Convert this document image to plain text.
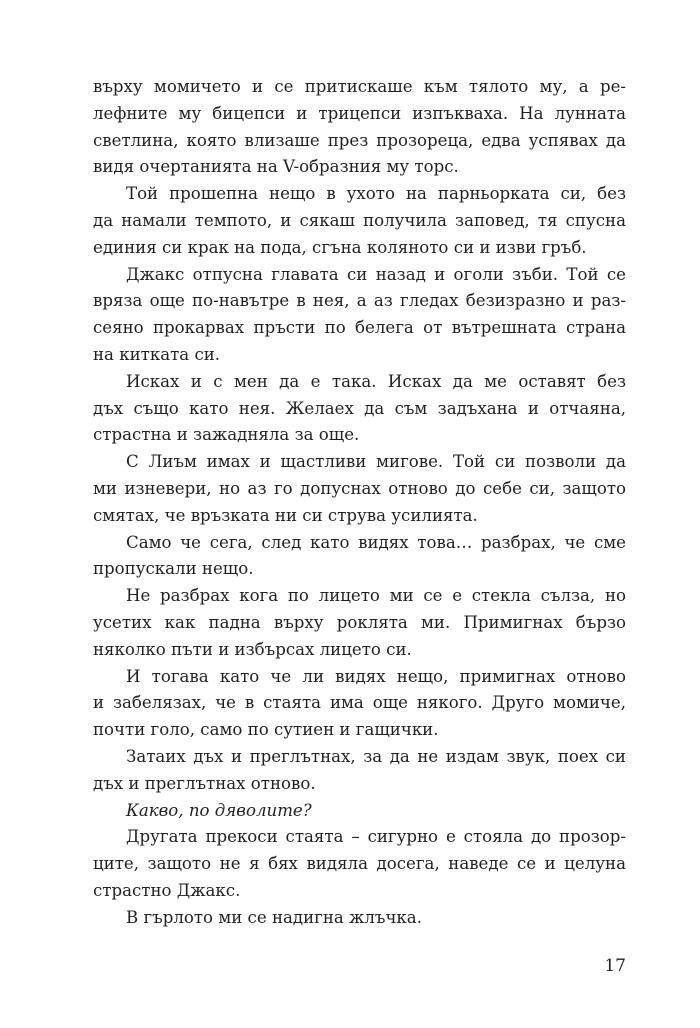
върху момичето и се притискаше към тялото му, а ре-
лефните му бицепси и трицепси изпъкваха. На лунната
светлина, която влизаше през прозореца, едва успявах да
видя очертанията на V-образния му торс.
Той прошепна нещо в ухото на парньорката си, без
да намали темпото, и сякаш получила заповед, тя спусна
единия си крак на пода, сгъна коляното си и изви гръб.
Джакс отпусна главата си назад и оголи зъби. Той се
вряза още по-навътре в нея, а аз гледах безизразно и раз-
сеяно прокарвах пръсти по белега от вътрешната страна
на китката си.
Исках и с мен да е така. Исках да ме оставят без
дъх също като нея. Желаех да съм задъхана и отчаяна,
страстна и зажадняла за още.
С Лиъм имах и щастливи мигове. Той си позволи да
ми изневери, но аз го допуснах отново до себе си, защото
смятах, че връзката ни си струва усилията.
Само че сега, след като видях това… разбрах, че сме
пропускали нещо.
Не разбрах кога по лицето ми се е стекла сълза, но
усетих как падна върху роклята ми. Примигнах бързо
няколко пъти и избърсах лицето си.
И тогава като че ли видях нещо, примигнах отново
и забелязах, че в стаята има още някого. Друго момиче,
почти голо, само по сутиен и гащички.
Затаих дъх и преглътнах, за да не издам звук, поех си
дъх и преглътнах отново.
Какво, по дяволите?
Другата прекоси стаята – сигурно е стояла до прозор-
ците, защото не я бях видяла досега, наведе се и целуна
страстно Джакс.
В гърлото ми се надигна жлъчка.
17
